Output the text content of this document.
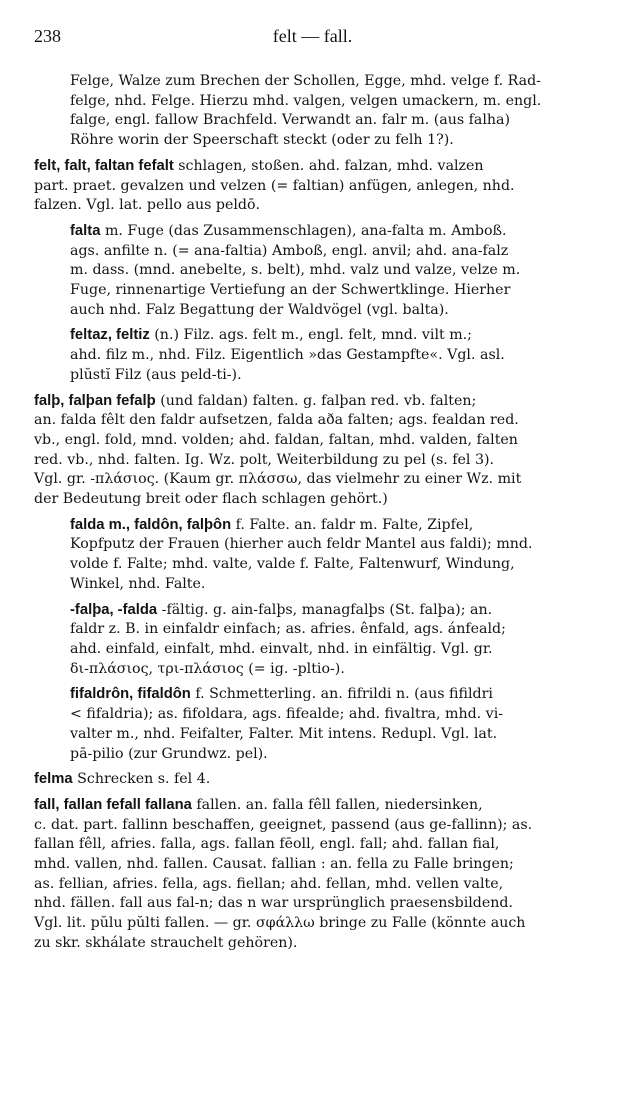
238	felt — fall.
Felge, Walze zum Brechen der Schollen, Egge, mhd. velge f. Rad-
felge, nhd. Felge. Hierzu mhd. valgen, velgen umackern, m. engl.
falge, engl. fallow Brachfeld. Verwandt an. falr m. (aus falha)
Röhre worin der Speerschaft steckt (oder zu felh 1?).
felt, falt, faltan fefalt schlagen, stoßen. ahd. falzan, mhd. valzen
part. praet. gevalzen und velzen (= faltian) anfügen, anlegen, nhd.
falzen. Vgl. lat. pello aus peldō.
falta m. Fuge (das Zusammenschlagen), ana-falta m. Amboß.
ags. anfilte n. (= ana-faltia) Amboß, engl. anvil; ahd. ana-falz
m. dass. (mnd. anebelte, s. belt), mhd. valz und valze, velze m.
Fuge, rinnenartige Vertiefung an der Schwertklinge. Hierher
auch nhd. Falz Begattung der Waldvögel (vgl. balta).
feltaz, feltiz (n.) Filz. ags. felt m., engl. felt, mnd. vilt m.;
ahd. filz m., nhd. Filz. Eigentlich »das Gestampfte«. Vgl. asl.
plŭstĭ Filz (aus peld-ti-).
falþ, falþan fefalþ (und faldan) falten. g. falþan red. vb. falten;
an. falda fêlt den faldr aufsetzen, falda aða falten; ags. fealdan red.
vb., engl. fold, mnd. volden; ahd. faldan, faltan, mhd. valden, falten
red. vb., nhd. falten. Ig. Wz. polt, Weiterbildung zu pel (s. fel 3).
Vgl. gr. -πλάσιος. (Kaum gr. πλάσσω, das vielmehr zu einer Wz. mit
der Bedeutung breit oder flach schlagen gehört.)
falda m., faldôn, falþôn f. Falte. an. faldr m. Falte, Zipfel,
Kopfputz der Frauen (hierher auch feldr Mantel aus faldi); mnd.
volde f. Falte; mhd. valte, valde f. Falte, Faltenwurf, Windung,
Winkel, nhd. Falte.
-falþa, -falda -fältig. g. ain-falþs, managfalþs (St. falþa); an.
faldr z. B. in einfaldr einfach; as. afries. ênfald, ags. ánfeald;
ahd. einfald, einfalt, mhd. einvalt, nhd. in einfältig. Vgl. gr.
δι-πλάσιος, τρι-πλάσιος (= ig. -pltio-).
fifaldrôn, fifaldôn f. Schmetterling. an. fifrildi n. (aus fifildri
< fifaldria); as. fifoldara, ags. fifealde; ahd. fivaltra, mhd. vi-
valter m., nhd. Feifalter, Falter. Mit intens. Redupl. Vgl. lat.
pā-pilio (zur Grundwz. pel).
felma Schrecken s. fel 4.
fall, fallan fefall fallana fallen. an. falla fêll fallen, niedersinken,
c. dat. part. fallinn beschaffen, geeignet, passend (aus ge-fallinn); as.
fallan fêll, afries. falla, ags. fallan fēoll, engl. fall; ahd. fallan fial,
mhd. vallen, nhd. fallen. Causat. fallian : an. fella zu Falle bringen;
as. fellian, afries. fella, ags. fiellan; ahd. fellan, mhd. vellen valte,
nhd. fällen. fall aus fal-n; das n war ursprünglich praesensbildend.
Vgl. lit. pŭlu pŭlti fallen. — gr. σφάλλω bringe zu Falle (könnte auch
zu skr. skhálate strauchelt gehören).
